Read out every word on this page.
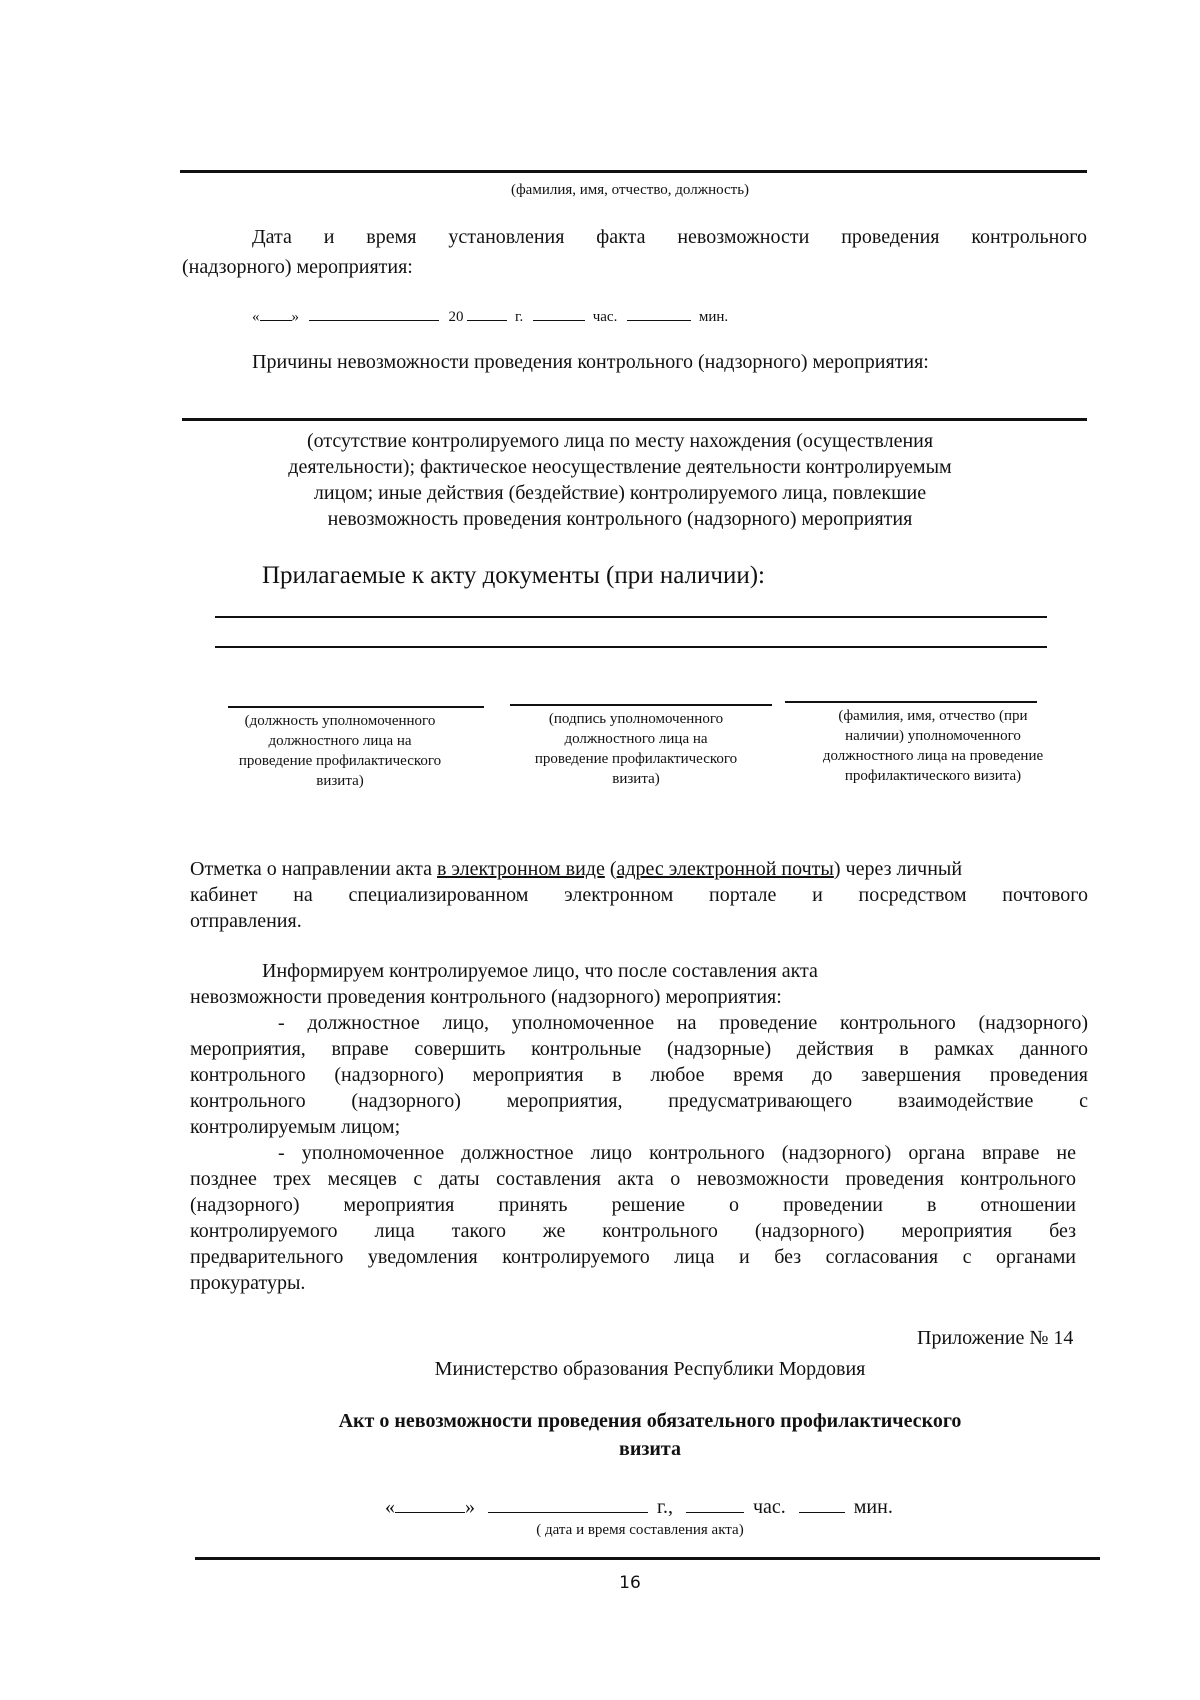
(фамилия, имя, отчество, должность)
Дата и время установления факта невозможности проведения контрольного
(надзорного) мероприятия:
« »	20	г.	час.	мин.
Причины невозможности проведения контрольного (надзорного) мероприятия:
(отсутствие контролируемого лица по месту нахождения (осуществления
деятельности); фактическое неосуществление деятельности контролируемым
лицом; иные действия (бездействие) контролируемого лица, повлекшие
невозможность проведения контрольного (надзорного) мероприятия
Прилагаемые к акту документы (при наличии):
(должность уполномоченного
должностного лица на
проведение профилактического
визита)
(подпись уполномоченного
должностного лица на
проведение профилактического
визита)
(фамилия, имя, отчество (при
наличии) уполномоченного
должностного лица на проведение
профилактического визита)
Отметка о направлении акта в электронном виде (адрес электронной почты) через личный
кабинет на специализированном электронном портале и посредством почтового
отправления.
Информируем контролируемое лицо, что после составления акта
невозможности проведения контрольного (надзорного) мероприятия:
- должностное лицо, уполномоченное на проведение контрольного (надзорного)
мероприятия, вправе совершить контрольные (надзорные) действия в рамках данного
контрольного (надзорного) мероприятия в любое время до завершения проведения
контрольного (надзорного) мероприятия, предусматривающего взаимодействие с
контролируемым лицом;
- уполномоченное должностное лицо контрольного (надзорного) органа вправе не
позднее трех месяцев с даты составления акта о невозможности проведения контрольного
(надзорного) мероприятия принять решение о проведении в отношении
контролируемого лица такого же контрольного (надзорного) мероприятия без
предварительного уведомления контролируемого лица и без согласования с органами
прокуратуры.
Приложение № 14
Министерство образования Республики Мордовия
Акт о невозможности проведения обязательного профилактического
визита
«	»	г.,	час.	мин.
( дата и время составления акта)
16
